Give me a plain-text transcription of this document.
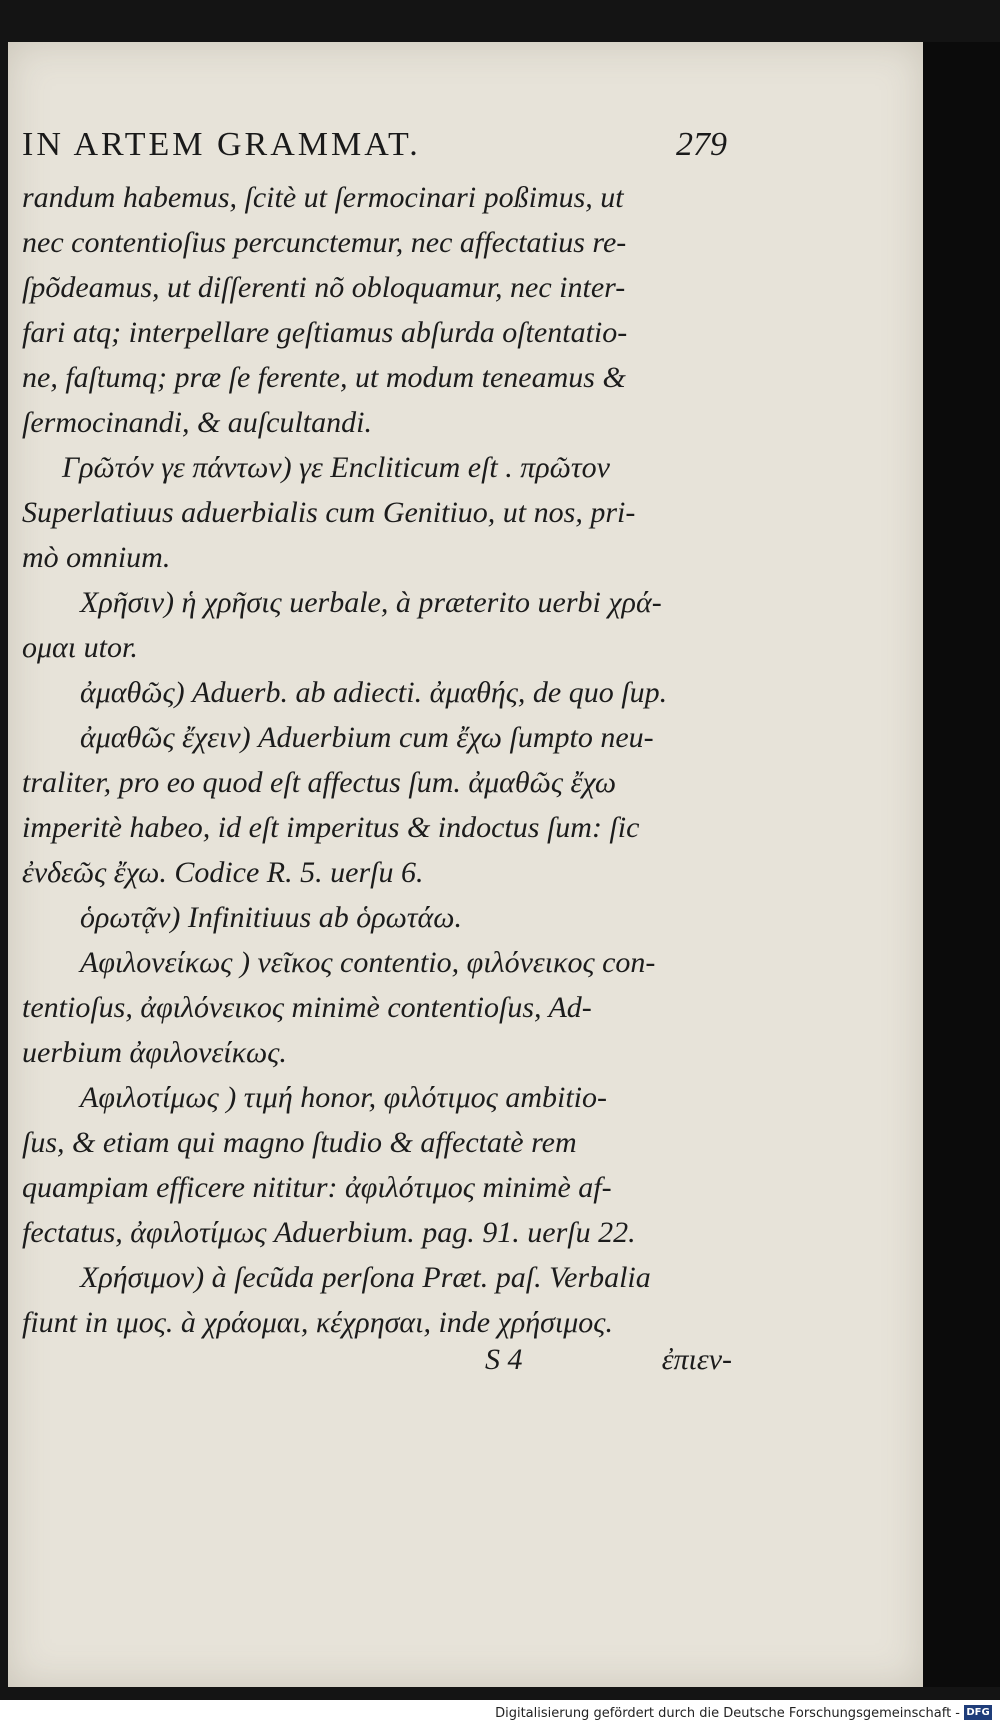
IN ARTEM GRAMMAT.	279
randum habemus, ſcitè ut ſermocinari poßimus, ut
nec contentioſius percunctemur, nec affectatius re-
ſpõdeamus, ut diſſerenti nõ obloquamur, nec inter-
fari atq; interpellare geſtiamus abſurda oſtentatio-
ne, faſtumq; præ ſe ferente, ut modum teneamus &
ſermocinandi, & auſcultandi.
Γρῶτόν γε πάντων) γε Encliticum eſt . πρῶτον
Superlatiuus aduerbialis cum Genitiuo, ut nos, pri-
mò omnium.
Χρῆσιν) ἡ χρῆσις uerbale, à præterito uerbi χρά‑
ομαι utor.
ἀμαθῶς) Aduerb. ab adiecti. ἀμαθής, de quo ſup.
ἀμαθῶς ἔχειν) Aduerbium cum ἔχω ſumpto neu-
traliter, pro eo quod eſt affectus ſum. ἀμαθῶς ἔχω
imperitè habeo, id eſt imperitus & indoctus ſum: ſic
ἐνδεῶς ἔχω. Codice R. 5. uerſu 6.
ὁρωτᾷν) Infinitiuus ab ὁρωτάω.
Αφιλονείκως ) νεῖκος contentio, φιλόνεικος con-
tentioſus, ἀφιλόνεικος minimè contentioſus, Ad-
uerbium ἀφιλονείκως.
Αφιλοτίμως ) τιμή honor, φιλότιμος ambitio-
ſus, & etiam qui magno ſtudio & affectatè rem
quampiam efficere nititur: ἀφιλότιμος minimè af-
fectatus, ἀφιλοτίμως Aduerbium. pag. 91. uerſu 22.
Χρήσιμον) à ſecũda perſona Præt. paſ. Verbalia
fiunt in ιμος. à χράομαι, κέχρησαι, inde χρήσιμος.
S 4	ἐπιεν-
Digitalisierung gefördert durch die Deutsche Forschungsgemeinschaft - DFG
